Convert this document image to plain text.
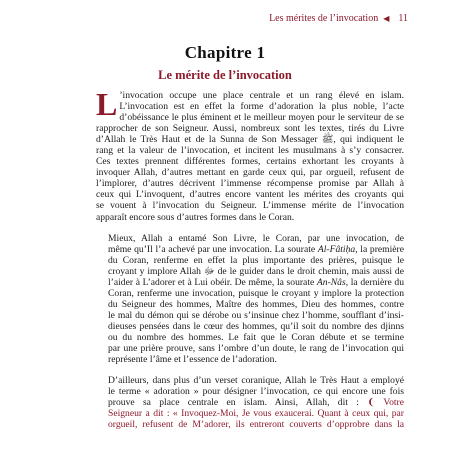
Les mérites de l’invocation ◀ 11
Chapitre 1
Le mérite de l’invocation

L ’invocation occupe une place centrale et un rang élevé en islam.
L’invocation est en effet la forme d’adoration la plus noble, l’acte
d’obéissance le plus éminent et le meilleur moyen pour le serviteur de se
rapprocher de son Seigneur. Aussi, nombreux sont les textes, tirés du Livre
d’Allah le Très Haut et de la Sunna de Son Messager ﷺ, qui indiquent le
rang et la valeur de l’invocation, et incitent les musulmans à s’y consacrer.
Ces textes prennent différentes formes, certains exhortant les croyants à
invoquer Allah, d’autres mettant en garde ceux qui, par orgueil, refusent de
l’implorer, d’autres décrivent l’immense récompense promise par Allah à
ceux qui L’invoquent, d’autres encore vantent les mérites des croyants qui
se vouent à l’invocation du Seigneur. L’immense mérite de l’invocation
apparaît encore sous d’autres formes dans le Coran.

Mieux, Allah a entamé Son Livre, le Coran, par une invocation, de
même qu’Il l’a achevé par une invocation. La sourate Al-Fâtiḥa, la première
du Coran, renferme en effet la plus importante des prières, puisque le
croyant y implore Allah ﷻ de le guider dans le droit chemin, mais aussi de
l’aider à L’adorer et à Lui obéir. De même, la sourate An-Nâs, la dernière du
Coran, renferme une invocation, puisque le croyant y implore la protection
du Seigneur des hommes, Maître des hommes, Dieu des hommes, contre
le mal du démon qui se dérobe ou s’insinue chez l’homme, soufflant d’insi-
dieuses pensées dans le cœur des hommes, qu’il soit du nombre des djinns
ou du nombre des hommes. Le fait que le Coran débute et se termine
par une prière prouve, sans l’ombre d’un doute, le rang de l’invocation qui
représente l’âme et l’essence de l’adoration.

D’ailleurs, dans plus d’un verset coranique, Allah le Très Haut a employé
le terme « adoration » pour désigner l’invocation, ce qui encore une fois
prouve sa place centrale en islam. Ainsi, Allah, dit : ❨ Votre
Seigneur a dit : « Invoquez-Moi, Je vous exaucerai. Quant à ceux qui, par
orgueil, refusent de M’adorer, ils entreront couverts d’opprobre dans la
